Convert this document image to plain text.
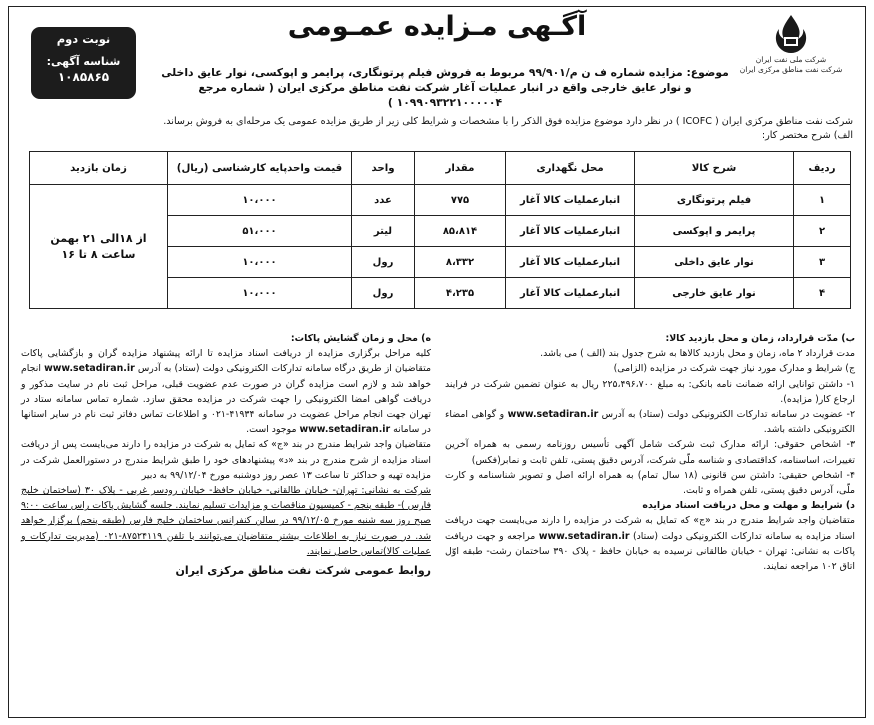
شرکت ملی نفت ایران
شرکت نفت مناطق مرکزی ایران
آگـهی مـزایده عمـومی
موضوع: مزایده شماره ف ن م/۹۹/۹۰۱ مربوط به فروش فیلم پرتونگاری، پرایمر و اپوکسی، نوار عایق داخلی و نوار عایق خارجی واقع در انبار عملیات آغار شرکت نفت مناطق مرکزی ایران ( شماره مرجع ۱۰۹۹۰۹۳۲۲۱۰۰۰۰۰۴ )
نوبت دوم
شناسه آگهی:
۱۰۸۵۸۶۵
شرکت نفت مناطق مرکزی ایران ( ICOFC ) در نظر دارد موضوع مزایده فوق الذکر را با مشخصات و شرایط کلی زیر از طریق مزایده عمومی یک مرحله‌ای به فروش برساند.
الف) شرح مختصر کار:
ردیف	شرح کالا	محل نگهداری	مقدار	واحد	قیمت واحدپایه کارشناسی (ریال)	زمان بازدید
۱	فیلم پرتونگاری	انبارعملیات کالا آغار	۷۷۵	عدد	۱۰،۰۰۰	از ۱۸الی ۲۱ بهمن ساعت ۸ تا ۱۶
۲	پرایمر و اپوکسی	انبارعملیات کالا آغار	۸۵،۸۱۴	لیتر	۵۱،۰۰۰	
۳	نوار عایق داخلی	انبارعملیات کالا آغار	۸،۳۳۲	رول	۱۰،۰۰۰	
۴	نوار عایق خارجی	انبارعملیات کالا آغار	۴،۲۳۵	رول	۱۰،۰۰۰	
ب) مدّت قرارداد، زمان و محل بازدید کالا:
مدت قرارداد ۲ ماه، زمان و محل بازدید کالاها به شرح جدول بند (الف ) می باشد.
ج) شرایط و مدارک مورد نیاز جهت شرکت در مزایده (الزامی)
۱- داشتن توانایی ارائه ضمانت نامه بانکی: به مبلغ ۲۲۵،۴۹۶،۷۰۰ ریال به عنوان تضمین شرکت در فرایند ارجاع کار( مزایده).
۲- عضویت در سامانه تدارکات الکترونیکی دولت (ستاد) به آدرس www.setadiran.ir و گواهی امضاء الکترونیکی داشته باشد.
۳- اشخاص حقوقی: ارائه مدارک ثبت شرکت شامل آگهی تأسیس روزنامه رسمی به همراه آخرین تغییرات، اساسنامه، کداقتصادی و شناسه ملّی شرکت، آدرس دقیق پستی، تلفن ثابت و نمابر(فکس)
۴- اشخاص حقیقی: داشتن سن قانونی (۱۸ سال تمام) به همراه ارائه اصل و تصویر شناسنامه و کارت ملّی، آدرس دقیق پستی، تلفن همراه و ثابت.
د) شرایط و مهلت و محل دریافت اسناد مزایده
متقاضیان واجد شرایط مندرج در بند «ج» که تمایل به شرکت در مزایده را دارند می‌بایست جهت دریافت اسناد مزایده به سامانه تدارکات الکترونیکی دولت (ستاد) www.setadiran.ir مراجعه و جهت دریافت پاکات به نشانی: تهران - خیابان طالقانی نرسیده به خیابان حافظ - پلاک ۳۹۰ ساختمان رشت- طبقه اوّل اتاق ۱۰۲ مراجعه نمایند.
ه) محل و زمان گشایش پاکات:
کلیه مراحل برگزاری مزایده از دریافت اسناد مزایده تا ارائه پیشنهاد مزایده گران و بازگشایی پاکات متقاضیان از طریق درگاه سامانه تدارکات الکترونیکی دولت (ستاد) به آدرس www.setadiran.ir انجام خواهد شد و لازم است مزایده گران در صورت عدم عضویت قبلی، مراحل ثبت نام در سایت مذکور و دریافت گواهی امضا الکترونیکی را جهت شرکت در مزایده محقق سازد. شماره تماس سامانه ستاد در تهران جهت انجام مراحل عضویت در سامانه ۴۱۹۳۴-۰۲۱ و اطلاعات تماس دفاتر ثبت نام در سایر استانها در سامانه www.setadiran.ir موجود است.
متقاضیان واجد شرایط مندرج در بند «ج» که تمایل به شرکت در مزایده را دارند می‌بایست پس از دریافت اسناد مزایده از شرح مندرج در بند «د» پیشنهادهای خود را طبق شرایط مندرج در دستورالعمل شرکت در مزایده تهیه و حداکثر تا ساعت ۱۳ عصر روز دوشنبه مورخ ۹۹/۱۲/۰۴ به دبیر
شرکت به نشانی: تهران- خیابان طالقانی- خیابان حافظ- خیابان رودسر غربی - پلاک ۳۰ (ساختمان خلیج فارس )- طبقه پنجم - کمیسیون مناقصات و مزایدات تسلیم نمایند. جلسه گشایش پاکات راس ساعت ۹:۰۰ صبح روز سه شنبه مورخ ۹۹/۱۲/۰۵ در سالن کنفرانس ساختمان خلیج فارس (طبقه پنجم) برگزار خواهد شد. در صورت نیاز به اطلاعات بیشتر متقاضیان می‌توانند با تلفن ۸۷۵۲۴۱۱۹-۰۲۱ (مدیریت تدارکات و عملیات کالا)تماس حاصل نمایند.
روابط عمومی شرکت نفت مناطق مرکزی ایران
